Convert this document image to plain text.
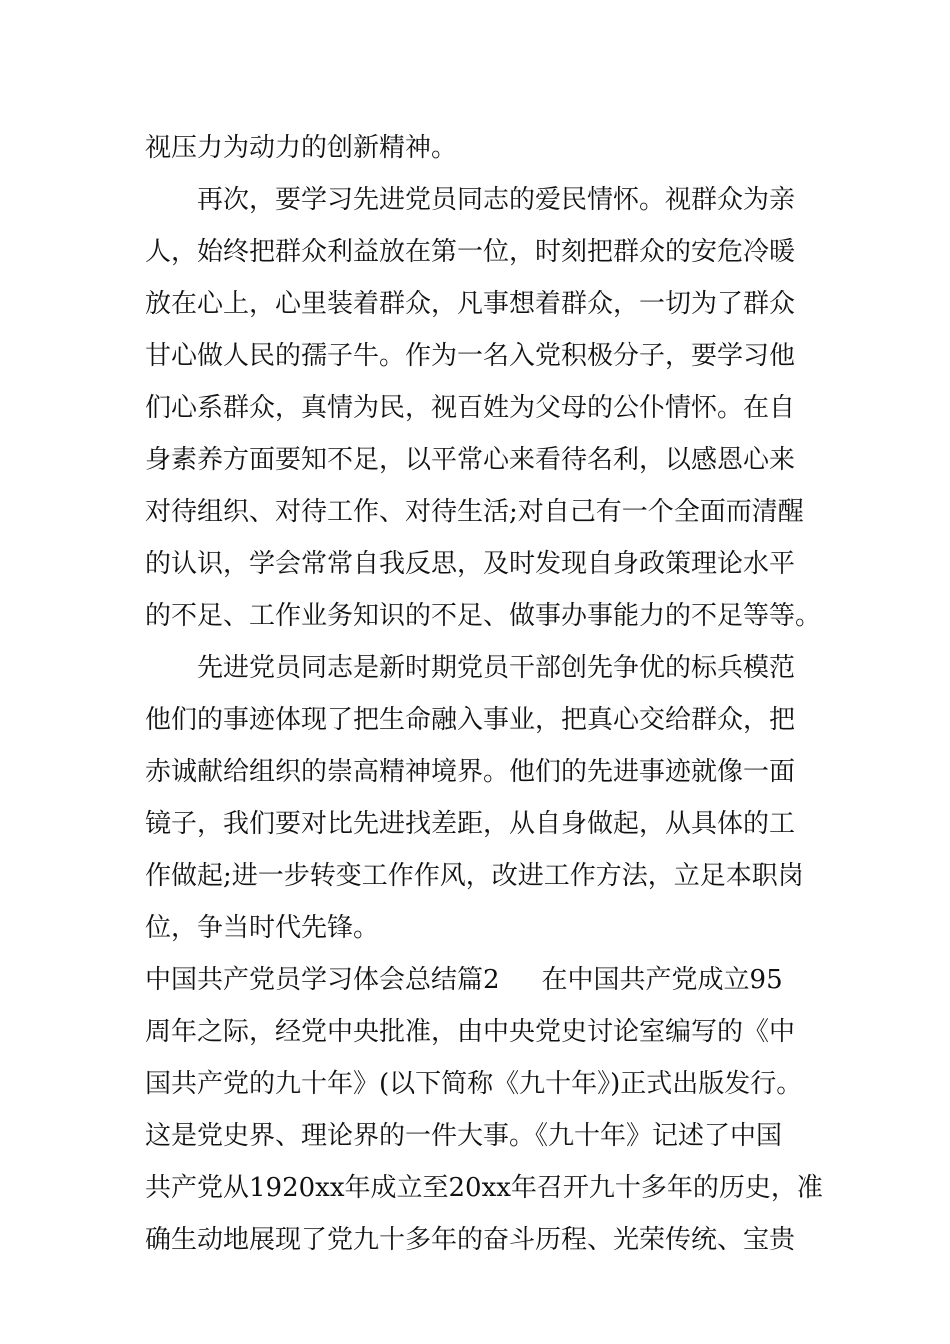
视压力为动力的创新精神。
再次，要学习先进党员同志的爱民情怀。视群众为亲
人，始终把群众利益放在第一位，时刻把群众的安危冷暖
放在心上，心里装着群众，凡事想着群众，一切为了群众
甘心做人民的孺子牛。作为一名入党积极分子，要学习他
们心系群众，真情为民，视百姓为父母的公仆情怀。在自
身素养方面要知不足，以平常心来看待名利，以感恩心来
对待组织、对待工作、对待生活;对自己有一个全面而清醒
的认识，学会常常自我反思，及时发现自身政策理论水平
的不足、工作业务知识的不足、做事办事能力的不足等等。
先进党员同志是新时期党员干部创先争优的标兵模范
他们的事迹体现了把生命融入事业，把真心交给群众，把
赤诚献给组织的崇高精神境界。他们的先进事迹就像一面
镜子，我们要对比先进找差距，从自身做起，从具体的工
作做起;进一步转变工作作风，改进工作方法，立足本职岗
位，争当时代先锋。
中国共产党员学习体会总结篇2 在中国共产党成立95
周年之际，经党中央批准，由中央党史讨论室编写的《中
国共产党的九十年》(以下简称《九十年》)正式出版发行。
这是党史界、理论界的一件大事。《九十年》记述了中国
共产党从1920xx年成立至20xx年召开九十多年的历史，准
确生动地展现了党九十多年的奋斗历程、光荣传统、宝贵
